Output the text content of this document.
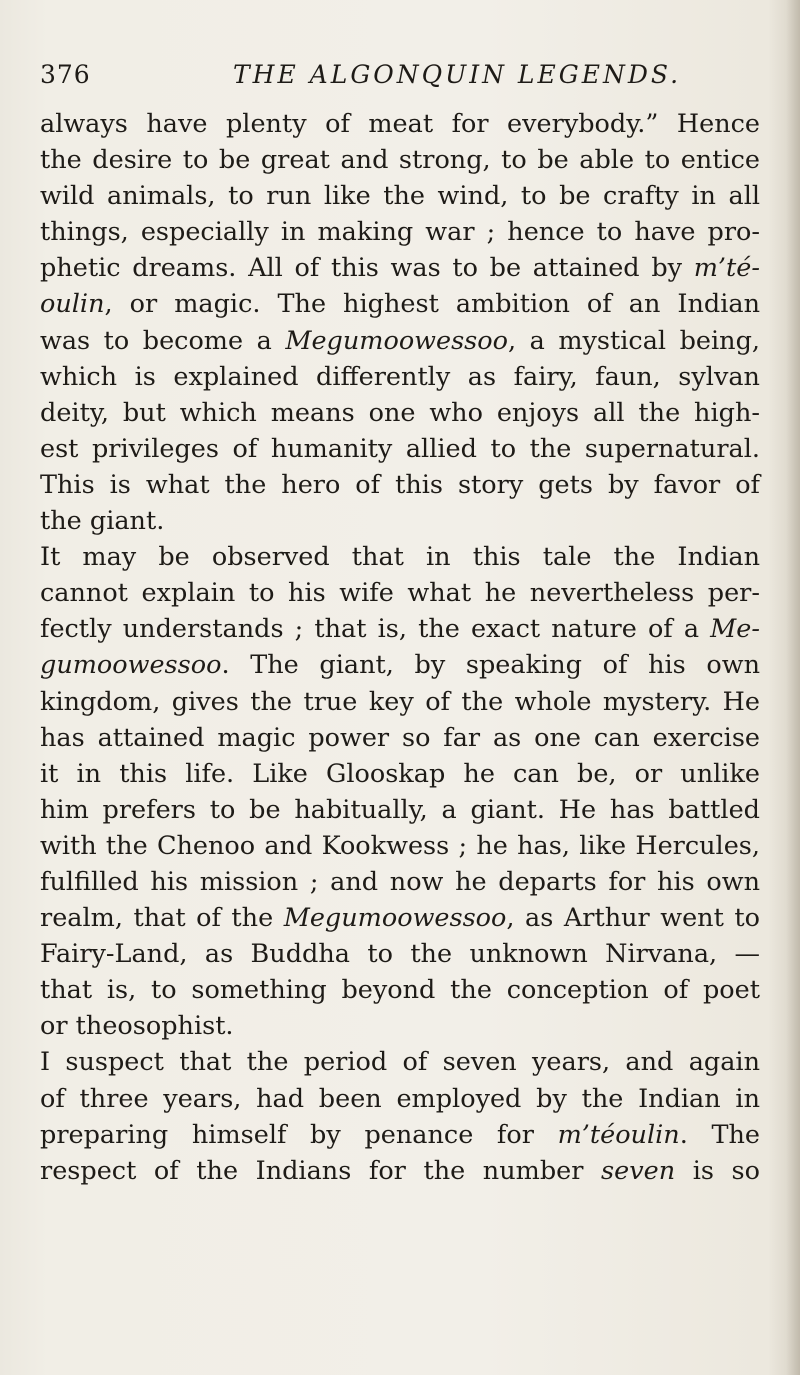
376	THE ALGONQUIN LEGENDS.
always have plenty of meat for everybody.” Hence
the desire to be great and strong, to be able to entice
wild animals, to run like the wind, to be crafty in all
things, especially in making war ; hence to have pro-
phetic dreams. All of this was to be attained by m’té-
oulin, or magic. The highest ambition of an Indian
was to become a Megumoowessoo, a mystical being,
which is explained differently as fairy, faun, sylvan
deity, but which means one who enjoys all the high-
est privileges of humanity allied to the supernatural.
This is what the hero of this story gets by favor of
the giant.
It may be observed that in this tale the Indian
cannot explain to his wife what he nevertheless per-
fectly understands ; that is, the exact nature of a Me-
gumoowessoo. The giant, by speaking of his own
kingdom, gives the true key of the whole mystery. He
has attained magic power so far as one can exercise
it in this life. Like Glooskap he can be, or unlike
him prefers to be habitually, a giant. He has battled
with the Chenoo and Kookwess ; he has, like Hercules,
fulfilled his mission ; and now he departs for his own
realm, that of the Megumoowessoo, as Arthur went to
Fairy-Land, as Buddha to the unknown Nirvana, —
that is, to something beyond the conception of poet
or theosophist.
I suspect that the period of seven years, and again
of three years, had been employed by the Indian in
preparing himself by penance for m’téoulin. The
respect of the Indians for the number seven is so
